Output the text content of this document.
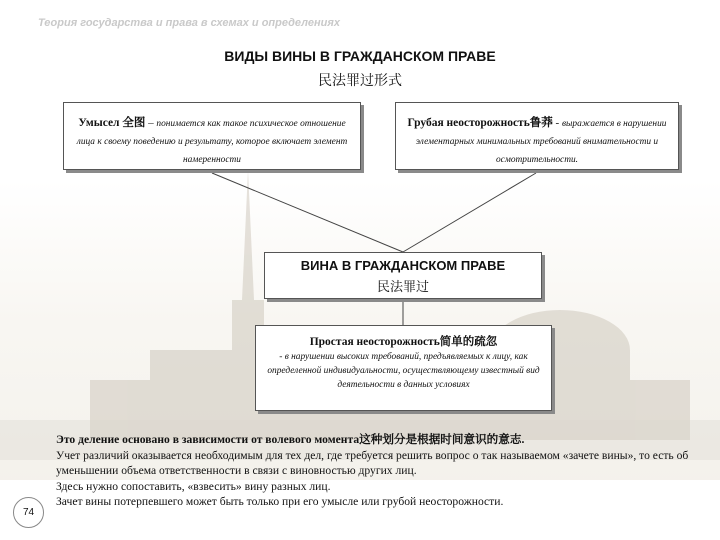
Теория государства и права в схемах и определениях
ВИДЫ ВИНЫ В ГРАЖДАНСКОМ ПРАВЕ
民法罪过形式
Умысел 全图 – понимается как такое психическое отношение лица к своему поведению и результату, которое включает элемент намеренности
Грубая неосторожность鲁莽 - выражается в нарушении элементарных минимальных требований внимательности и осмотрительности.
ВИНА В ГРАЖДАНСКОМ ПРАВЕ
民法罪过
Простая неосторожность简单的疏忽
- в нарушении высоких требований, предъявляемых к лицу, как определенной индивидуальности, осуществляющему известный вид деятельности в данных условиях

Это деление основано в зависимости от волевого момента这种划分是根据时间意识的意志.

Учет различий оказывается необходимым для тех дел, где требуется решить вопрос о так называемом «зачете вины», то есть об уменьшении объема ответственности в связи с виновностью других лиц.

Здесь нужно сопоставить, «взвесить» вину разных лиц.

Зачет вины потерпевшего может быть только при его умысле или грубой неосторожности.

74
